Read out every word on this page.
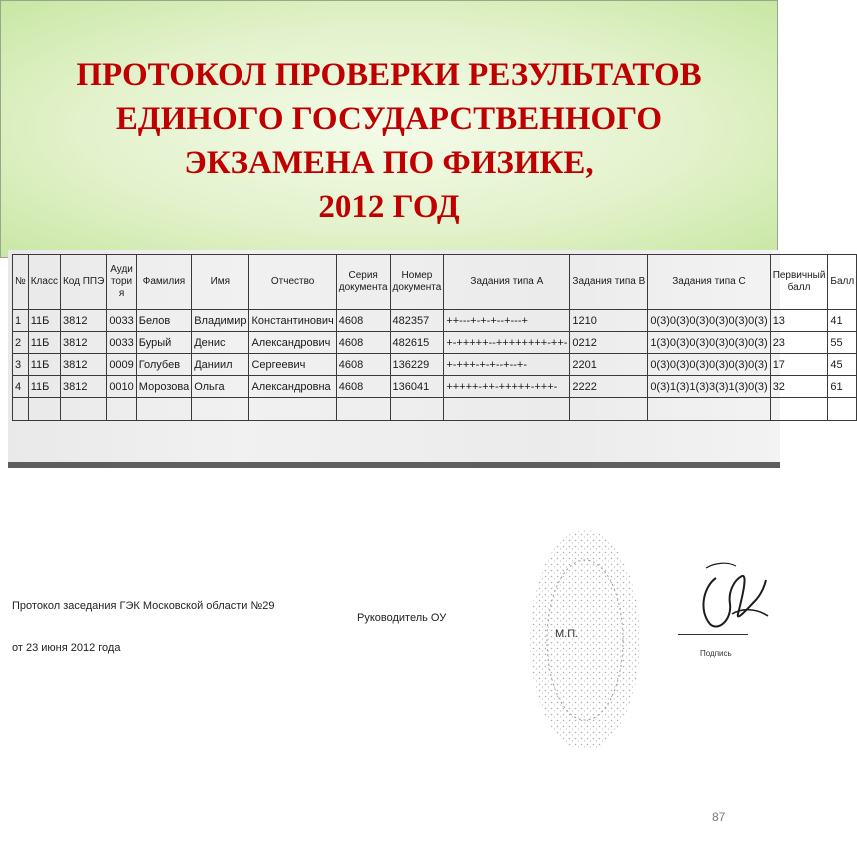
ПРОТОКОЛ ПРОВЕРКИ РЕЗУЛЬТАТОВ
ЕДИНОГО ГОСУДАРСТВЕННОГО
ЭКЗАМЕНА ПО ФИЗИКЕ,
2012 ГОД
№	Класс	Код ППЭ	Аудитория	Фамилия	Имя	Отчество	Серия документа	Номер документа	Задания типа А	Задания типа В	Задания типа С	Первичный балл	Балл
1	11Б	3812	0033	Белов	Владимир	Константинович	4608	482357	++---+-+-+--+---+	1210	0(3)0(3)0(3)0(3)0(3)0(3)	13	41
2	11Б	3812	0033	Бурый	Денис	Александрович	4608	482615	+-+++++--++++++++-++-	0212	1(3)0(3)0(3)0(3)0(3)0(3)	23	55
3	11Б	3812	0009	Голубев	Даниил	Сергеевич	4608	136229	+-+++-+-+--+--+-	2201	0(3)0(3)0(3)0(3)0(3)0(3)	17	45
4	11Б	3812	0010	Морозова	Ольга	Александровна	4608	136041	+++++-++-+++++-+++-	2222	0(3)1(3)1(3)3(3)1(3)0(3)	32	61

Протокол заседания ГЭК Московской области №29
от 23 июня 2012 года
Руководитель ОУ
М.П.
Подпись
87
